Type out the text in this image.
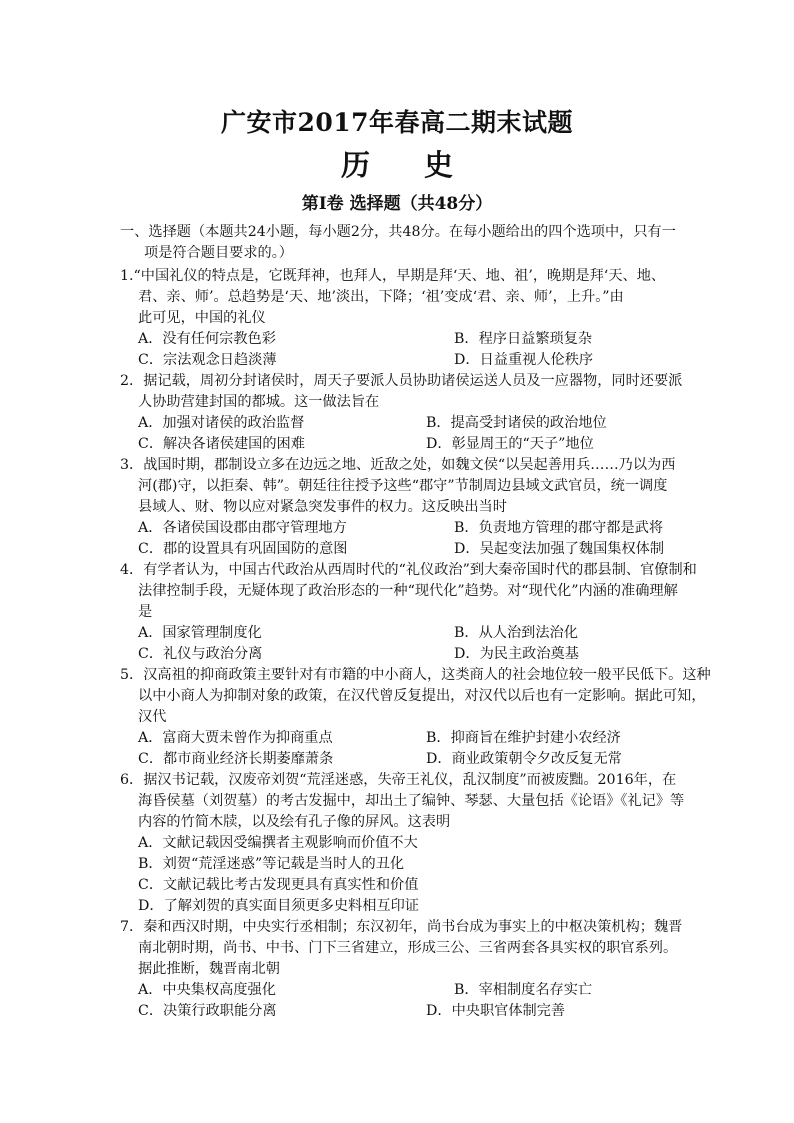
广安市2017年春高二期末试题
历 史
第Ⅰ卷 选择题（共48分）
一、选择题（本题共24小题，每小题2分，共48分。在每小题给出的四个选项中，只有一
项是符合题目要求的。）
1.“中国礼仪的特点是，它既拜神，也拜人，早期是拜‘天、地、祖’，晚期是拜‘天、地、
君、亲、师’。总趋势是‘天、地’淡出，下降；‘祖’变成‘君、亲、师’，上升。”由
此可见，中国的礼仪
A．没有任何宗教色彩	B．程序日益繁琐复杂
C．宗法观念日趋淡薄	D．日益重视人伦秩序
2．据记载，周初分封诸侯时，周天子要派人员协助诸侯运送人员及一应器物，同时还要派
人协助营建封国的都城。这一做法旨在
A．加强对诸侯的政治监督	B．提高受封诸侯的政治地位
C．解决各诸侯建国的困难	D．彰显周王的“天子”地位
3．战国时期，郡制设立多在边远之地、近敌之处，如魏文侯“以吴起善用兵……乃以为西
河(郡)守，以拒秦、韩”。朝廷往往授予这些“郡守”节制周边县域文武官员，统一调度
县域人、财、物以应对紧急突发事件的权力。这反映出当时
A．各诸侯国设郡由郡守管理地方	B．负责地方管理的郡守都是武将
C．郡的设置具有巩固国防的意图	D．吴起变法加强了魏国集权体制
4．有学者认为，中国古代政治从西周时代的“礼仪政治”到大秦帝国时代的郡县制、官僚制和
法律控制手段，无疑体现了政治形态的一种“现代化”趋势。对“现代化”内涵的准确理解
是
A．国家管理制度化	B．从人治到法治化
C．礼仪与政治分离	D．为民主政治奠基
5．汉高祖的抑商政策主要针对有市籍的中小商人，这类商人的社会地位较一般平民低下。这种
以中小商人为抑制对象的政策，在汉代曾反复提出，对汉代以后也有一定影响。据此可知，
汉代
A．富商大贾未曾作为抑商重点	B．抑商旨在维护封建小农经济
C．都市商业经济长期萎靡萧条	D．商业政策朝令夕改反复无常
6．据汉书记载，汉废帝刘贺“荒淫迷惑，失帝王礼仪，乱汉制度”而被废黜。2016年，在
海昏侯墓（刘贺墓）的考古发掘中，却出土了编钟、琴瑟、大量包括《论语》《礼记》等
内容的竹简木牍，以及绘有孔子像的屏风。这表明
A．文献记载因受编撰者主观影响而价值不大
B．刘贺“荒淫迷惑”等记载是当时人的丑化
C．文献记载比考古发现更具有真实性和价值
D．了解刘贺的真实面目须更多史料相互印证
7．秦和西汉时期，中央实行丞相制；东汉初年，尚书台成为事实上的中枢决策机构；魏晋
南北朝时期，尚书、中书、门下三省建立，形成三公、三省两套各具实权的职官系列。
据此推断，魏晋南北朝
A．中央集权高度强化	B．宰相制度名存实亡
C．决策行政职能分离	D．中央职官体制完善
